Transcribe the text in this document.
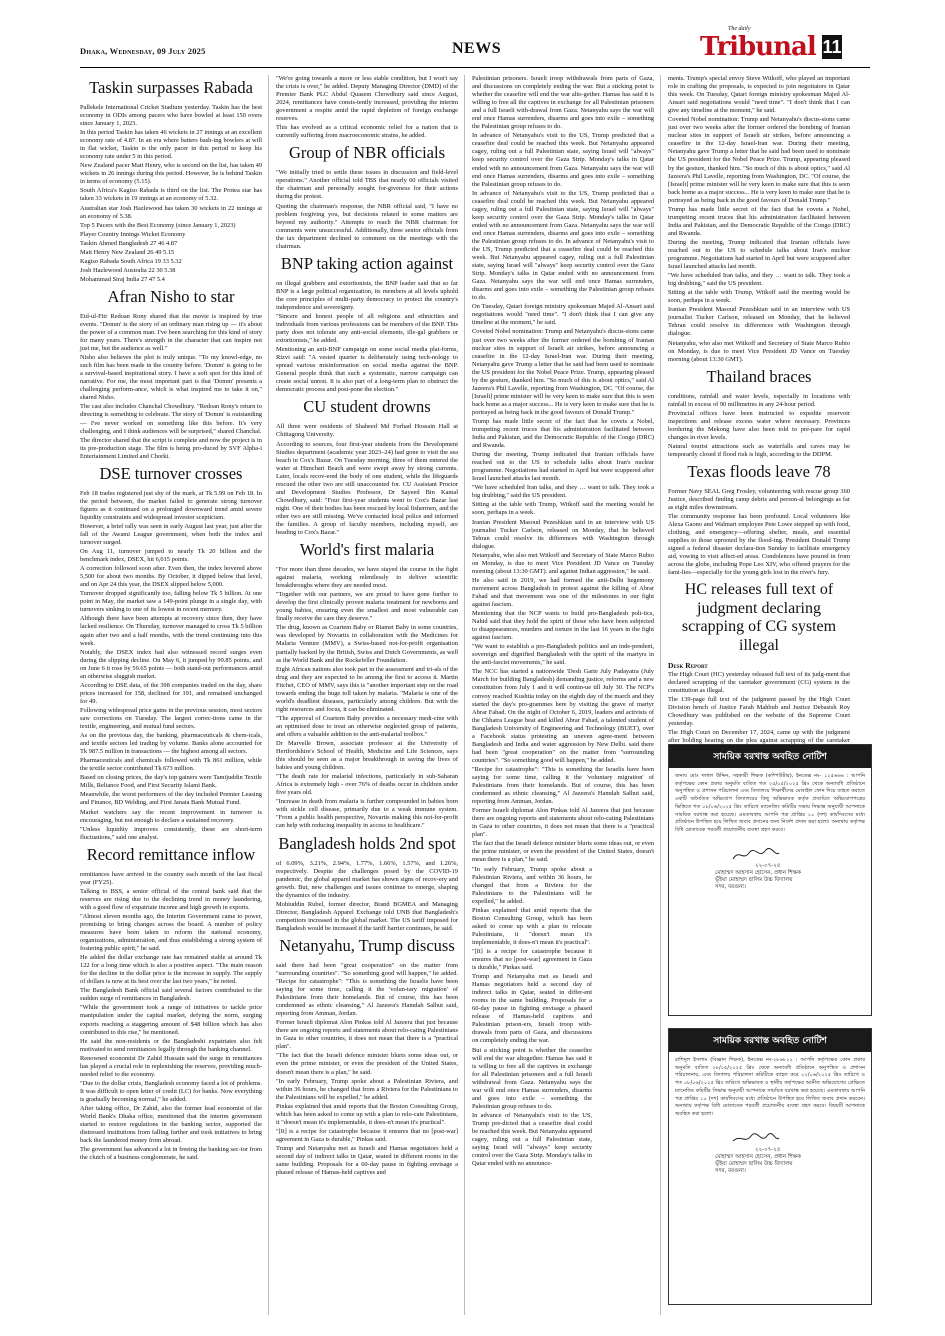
Dhaka, Wednesday, 09 July 2025	NEWS
The daily
Tribunal 11
Taskin surpasses Rabada

Pallekele International Cricket Stadium yesterday. Taskin has the best economy in ODIs among pacers who have bowled at least 150 overs since January 1, 2023.

In this period Taskin has taken 46 wickets in 27 innings at an excellent economy rate of 4.87. In an era where batters bash-ing bowlers at will in flat wicket, Taskin is the only pacer in this period to keep his economy rate under 5 in this period.

New Zealand pacer Matt Henry, who is second on the list, has taken 49 wickets in 26 innings during this period. However, he is behind Taskin in terms of economy (5.15).

South Africa's Kagiso Rabada is third on the list. The Protea star has taken 33 wickets in 19 innings at an economy of 5.32.

Australian star Josh Hazlewood has taken 30 wickets in 22 innings at an economy of 5.38.

Top 5 Pacers with the Best Economy (since January 1, 2023)

Player Country Innings Wicket Economy

Taskin Ahmed Bangladesh 27 46 4.87

Matt Henry New Zealand 26 49 5.15

Kagiso Rabada South Africa 19 33 5.32

Josh Hazlewood Australia 22 30 5.38

Mohammad Siraj India 27 47 5.4

Afran Nisho to star

Eid-ul-Fitr Redoan Rony shared that the movie is inspired by true events. "Domm' is the story of an ordinary man rising up — it's about the power of a common man. I've been searching for this kind of story for many years. There's strength in the character that can inspire not just me, but the audience as well."

Nisho also believes the plot is truly unique. "To my knowl-edge, no such film has been made in the country before. 'Domm' is going to be a survival-based inspirational story. I have a soft spot for this kind of narrative. For me, the most important part is that 'Domm' presents a challenging perform-ance, which is what inspired me to take it on," shared Nisho.

The cast also includes Chanchal Chowdhury. "Redoan Rony's return to directing is something to celebrate. The story of 'Domm' is outstanding — I've never worked on something like this before. It's very challenging, and I think audiences will be surprised," shared Chanchal.

The director shared that the script is complete and now the project is in its pre-production stage. The film is being pro-duced by SVF Alpha-i Entertainment Limited and Chorki.

DSE turnover crosses

Feb 18 trades registered just shy of the mark, at Tk 5.99 on Feb 18. In the period between, the market failed to generate strong turnover figures as it continued on a prolonged downward trend amid severe liquidity constraints and widespread investor scepticism.

However, a brief rally was seen in early August last year, just after the fall of the Awami League government, when both the index and turnover surged.

On Aug 11, turnover jumped to nearly Tk 20 billion and the benchmark index, DSEX, hit 6,015 points.

A correction followed soon after. Even then, the index hovered above 5,500 for about two months. By October, it dipped below that level, and on Apr 24 this year, the DSEX slipped below 5,000.

Turnover dropped significantly too, falling below Tk 5 billion. At one point in May, the market saw a 149-point plunge in a single day, with turnovers sinking to one of its lowest in recent memory.

Although there have been attempts at recovery since then, they have lacked resilience. On Thursday, turnover managed to cross Tk 5 billion again after two and a half months, with the trend continuing into this week.

Notably, the DSEX index had also witnessed record surges even during the slipping decline. On May 6, it jumped by 99.85 points, and on June 6 it rose by 59.65 points — both stand-out performances amid an otherwise sluggish market.

According to DSE data, of the 398 companies traded on the day, share prices increased for 158, declined for 191, and remained unchanged for 49.

Following widespread price gains in the previous session, most sectors saw corrections on Tuesday. The largest correc-tions came in the textile, engineering, and mutual fund sectors.

As on the previous day, the banking, pharmaceuticals & chem-icals, and textile sectors led trading by volume. Banks alone accounted for Tk 987.5 million in transactions — the highest among all sectors.

Pharmaceuticals and chemicals followed with Tk 861 million, while the textile sector contributed Tk 673 million.

Based on closing prices, the day's top gainers were Tamijuddin Textile Mills, Reliance Food, and First Security Islami Bank.

Meanwhile, the worst performers of the day included Premier Leasing and Finance, BD Welding, and First Janata Bank Mutual Fund.

Market watchers say the recent improvement in turnover is encouraging, but not enough to declare a sustained recovery.

"Unless liquidity improves consistently, these are short-term fluctuations," said one analyst.

Record remittance inflow

remittances have arrived in the country each month of the last fiscal year (FY25).

Talking to BSS, a senior official of the central bank said that the reserves are rising due to the declining trend in money laundering, with a good flow of expatriate income and high growth in exports.

"Almost eleven months ago, the Interim Government came to power, promising to bring changes across the board. A number of policy measures have been taken to reform the national economy, organizations, administration, and thus establishing a strong system of fostering public spirit," he said.

He added the dollar exchange rate has remained stable at around Tk 122 for a long time which is also a positive aspect. "The main reason for the decline in the dollar price is the increase in supply. The supply of dollars is now at its best over the last two years," he noted.

The Bangladesh Bank official said several factors contributed to the sudden surge of remittances in Bangladesh.

"While the government took a range of initiatives to tackle price manipulation under the capital market, defying the norm, surging exports reaching a staggering amount of $48 billion which has also contributed to this rise," he mentioned.

He said the non-residents or the Bangladeshi expatriates also felt motivated to send remittances legally through the banking channel.

Renowned economist Dr Zahid Hussain said the surge in remittances has played a crucial role in replenishing the reserves, providing much-needed relief to the economy.

"Due to the dollar crisis, Bangladesh economy faced a lot of problems. It was difficult to open letter of credit (LC) for banks. Now everything is gradually becoming normal," he added.

After taking office, Dr Zahid, also the former lead economist of the World Bank's Dhaka office, mentioned that the interim government started to restore regulations in the banking sector, supported the distressed institutions from falling further and took initiatives to bring back the laundered money from abroad.

The government has advanced a lot in freeing the banking sec-tor from the clutch of a business conglomerate, he said.

"We're going towards a more or less stable condition, but I won't say the crisis is over," he added. Deputy Managing Director (DMD) of the Premier Bank PLC Abdul Quasem Chowdhury said since August, 2024, remittances have consis-tently increased, providing the interim government a respite amid the rapid depletion of foreign exchange reserves.

This has evolved as a critical economic relief for a nation that is currently suffering from macroeconomic strains, he added.

Group of NBR officials

"We initially tried to settle these issues in discussion and field-level operations." Another official told TBS that nearly 60 officials visited the chairman and personally sought for-giveness for their actions during the protest.

Quoting the chairman's response, the NBR official said, "I have no problem forgiving you, but decisions related to some matters are beyond my authority." Attempts to reach the NBR chairman for comments were unsuccessful. Additionally, three senior officials from the tax department declined to comment on the meetings with the chairman.

BNP taking action against

on illegal grabbers and extortionists, the BNP leader said that so far BNP is a large political organization, its members at all levels uphold the core principles of multi-party democracy to protect the country's independence and sovereignty.

"Sincere and honest people of all religions and ethnicities and individuals from various professions can be members of the BNP. This party does not tolerate any anti-social elements, ille-gal grabbers or extortionists," he added.

Mentioning an anti-BNP campaign on some social media plat-forms, Rizvi said: "A vested quarter is deliberately using tech-nology to spread various misinformation on social media against the BNP. General people think that such a systematic, narrow campaign can create social unrest. It is also part of a long-term plan to obstruct the democratic process and post-pone the election."

CU student drowns

All three were residents of Shaheed Md Forhad Hossain Hall at Chittagong University.

According to sources, four first-year students from the Development Studies department (academic year 2023–24) had gone to visit the sea beach in Cox's Bazar. On Tuesday morning, three of them entered the water at Himchari Beach and were swept away by strong currents. Later, locals recov-ered the body of one student, while the lifeguards rescued the other two are still unaccounted for. CU Assistant Proctor and Development Studies Professor, Dr Sayeed Bin Kamal Chowdhury, said: "Four first-year students went to Cox's Bazar last night. One of their bodies has been rescued by local fishermen, and the other two are still missing. We've contacted local police and informed the families. A group of faculty members, including myself, are heading to Cox's Bazar."

World's first malaria

"For more than three decades, we have stayed the course in the fight against malaria, working relentlessly to deliver scientific breakthroughs where they are needed most.

"Together with our partners, we are proud to have gone further to develop the first clinically proven malaria treatment for newborns and young babies, ensuring even the smallest and most vulnerable can finally receive the care they deserve."

The drug, known as Coartem Baby or Riamet Baby in some countries, was developed by Novartis in collaboration with the Medicines for Malaria Venture (MMV), a Swiss-based not-for-profit organisation partially backed by the British, Swiss and Dutch Governments, as well as the World Bank and the Rockefeller Foundation.

Eight African nations also took part in the assessment and tri-als of the drug and they are expected to be among the first to access it. Martin Fitchet, CEO of MMV, says this is "another important step on the road towards ending the huge toll taken by malaria. "Malaria is one of the world's deadliest diseases, particularly among children. But with the right resources and focus, it can be eliminated.

"The approval of Coartem Baby provides a necessary medi-cine with an optimised dose to treat an otherwise neglected group of patients, and offers a valuable addition to the anti-malarial toolbox."

Dr Marvelle Brown, associate professor at the University of Hertfordshire's School of Health, Medicine and Life Sciences, says this should be seen as a major breakthrough in saving the lives of babies and young children.

"The death rate for malarial infections, particularly in sub-Saharan Africa is extremely high - over 76% of deaths occur in children under five years old.

"Increase in death from malaria is further compounded in babies born with sickle cell disease, primarily due to a weak immune system. "From a public health perspective, Novartis making this not-for-profit can help with reducing inequality in access to healthcare."

Bangladesh holds 2nd spot

of 6.09%, 3.21%, 2.94%, 1.77%, 1.66%, 1.57%, and 1.26%, respectively. Despite the challenges posed by the COVID-19 pandemic, the global apparel market has shown signs of recov-ery and growth. But, new challenges and issues continue to emerge, shaping the dynamics of the industry.

Mohiuddin Rubel, former director, Brand BGMEA and Managing Director, Bangladesh Apparel Exchange told UNB that Bangladesh's competitors increased in the global market. The US tariff imposed for Bangladesh would be increased if the tariff barrier continues, he said.

Netanyahu, Trump discuss

said there had been "great cooperation" on the matter from "surrounding countries". "So something good will happen," he added. "Recipe for catastrophe": "This is something the Israelis have been saying for some time, calling it the 'volun-tary migration' of Palestinians from their homelands. But of course, this has been condemned as ethnic cleansing," Al Jazeera's Hamdah Salhut said, reporting from Amman, Jordan.

Former Israeli diplomat Alon Pinkas told Al Jazeera that just because there are ongoing reports and statements about relo-cating Palestinians in Gaza to other countries, it does not mean that there is a "practical plan".

"The fact that the Israeli defence minister blurts some ideas out, or even the prime minister, or even the president of the United States, doesn't mean there is a plan," he said.

"In early February, Trump spoke about a Palestinian Riviera, and within 36 hours, he changed that from a Riviera for the Palestinians to the Palestinians will be expelled," he added.

Pinkas explained that amid reports that the Boston Consulting Group, which has been asked to come up with a plan to relo-cate Palestinians, it "doesn't mean it's implementable, it does-n't mean it's practical".

"[It] is a recipe for catastrophe because it ensures that no [post-war] agreement in Gaza is durable," Pinkas said.

Trump and Netanyahu met as Israeli and Hamas negotiators held a second day of indirect talks in Qatar, seated in different rooms in the same building. Proposals for a 60-day pause in fighting envisage a phased release of Hamas-held captives and

Palestinian prisoners. Israeli troop withdrawals from parts of Gaza, and discussions on completely ending the war. But a sticking point is whether the ceasefire will end the war alto-gether. Hamas has said it is willing to free all the captives in exchange for all Palestinian prisoners and a full Israeli with-drawal from Gaza. Netanyahu says the war will end once Hamas surrenders, disarms and goes into exile – something the Palestinian group refuses to do.

In advance of Netanyahu's visit to the US, Trump predicted that a ceasefire deal could be reached this week. But Netanyahu appeared cagey, ruling out a full Palestinian state, saying Israel will "always" keep security control over the Gaza Strip. Monday's talks in Qatar ended with no announcement from Gaza. Netanyahu says the war will end once Hamas surrenders, disarms and goes into exile – something the Palestinian group refuses to do.

In advance of Netanyahu's visit to the US, Trump predicted that a ceasefire deal could be reached this week. But Netanyahu appeared cagey, ruling out a full Palestinian state, saying Israel will "always" keep security control over the Gaza Strip. Monday's talks in Qatar ended with no announcement from Gaza. Netanyahu says the war will end once Hamas surrenders, disarms and goes into exile – something the Palestinian group refuses to do. In advance of Netanyahu's visit to the US, Trump predicted that a ceasefire deal could be reached this week. But Netanyahu appeared cagey, ruling out a full Palestinian state, saying Israel will "always" keep security control over the Gaza Strip. Monday's talks in Qatar ended with no announcement from Gaza. Netanyahu says the war will end once Hamas surrenders, disarms and goes into exile – something the Palestinian group refuses to do.

On Tuesday, Qatari foreign ministry spokesman Majed Al-Ansari said negotiations would "need time". "I don't think that I can give any timeline at the moment," he said.

Coveted Nobel nomination: Trump and Netanyahu's discus-sions came just over two weeks after the former ordered the bombing of Iranian nuclear sites in support of Israeli air strikes, before announcing a ceasefire in the 12-day Israel-Iran war. During their meeting, Netanyahu gave Trump a letter that he said had been used to nominate the US president for the Nobel Peace Prize. Trump, appearing pleased by the gesture, thanked him. "So much of this is about optics," said Al Jazeera's Phil Lavelle, reporting from Washington, DC. "Of course, the [Israeli] prime minister will be very keen to make sure that this is seen back home as a major success... He is very keen to make sure that he is portrayed as being back in the good favours of Donald Trump."

Trump has made little secret of the fact that he covets a Nobel, trumpeting recent truces that his administration facilitated between India and Pakistan, and the Democratic Republic of the Congo (DRC) and Rwanda.

During the meeting, Trump indicated that Iranian officials have reached out to the US to schedule talks about Iran's nuclear programme. Negotiations had started in April but were scuppered after Israel launched attacks last month.

"We have scheduled Iran talks, and they … want to talk. They took a big drubbing," said the US president.

Sitting at the table with Trump, Witkoff said the meeting would be soon, perhaps in a week.

Iranian President Masoud Pezeshkian said in an interview with US journalist Tucker Carlson, released on Monday, that he believed Tehran could resolve its differences with Washington through dialogue.

Netanyahu, who also met Witkoff and Secretary of State Marco Rubio on Monday, is due to meet Vice President JD Vance on Tuesday morning (about 13:30 GMT). and against Indian aggression," he said.

He also said in 2019, we had formed the anti-Delhi hegemony movement across Bangladesh in protest against the killing of Abrar Fahad and that movement was one of the milestones in our fight against fascism.

Mentioning that the NCP wants to build pro-Bangladesh poli-tics, Nahid said that they hold the spirit of those who have been subjected to disappearances, murders and torture in the last 16 years in the fight against fascism.

"We want to establish a pro-Bangladesh politics and an inde-pendent, sovereign and dignified Bangladesh with the spirit of the martyrs in the anti-fascist movements," he said.

The NCC has started a nationwide 'Desh Garte July Padayatra (July March for building Bangladesh) demanding justice, reforms and a new constitution from July 1 and it will contin-ue till July 30. The NCP's convoy reached Kushtia today on the eighth day of the march and they started the day's pro-grammes here by visiting the grave of martyr Abrar Fahad. On the night of October 6, 2019, leaders and activists of the Chhatra League beat and killed Abrar Fahad, a talented student of Bangladesh University of Engineering and Technology (BUET), over a Facebook status protesting an uneven agree-ment between Bangladesh and India and water aggression by New Delhi. said there had been "great cooperation" on the matter from "surrounding countries". "So something good will happen," he added.

"Recipe for catastrophe": "This is something the Israelis have been saying for some time, calling it the 'voluntary migration' of Palestinians from their homelands. But of course, this has been condemned as ethnic cleansing," Al Jazeera's Hamdah Salhut said, reporting from Amman, Jordan.

Former Israeli diplomat Alon Pinkas told Al Jazeera that just because there are ongoing reports and statements about relo-cating Palestinians in Gaza to other countries, it does not mean that there is a "practical plan".

The fact that the Israeli defence minister blurts some ideas out, or even the prime minister, or even the president of the United States, doesn't mean there is a plan," he said.

"In early February, Trump spoke about a Palestinian Riviera, and within 36 hours, he changed that from a Riviera for the Palestinians to the Palestinians will be expelled," he added.

Pinkas explained that amid reports that the Boston Consulting Group, which has been asked to come up with a plan to relocate Palestinians, it "doesn't mean it's implementable, it does-n't mean it's practical".

"[It] is a recipe for catastrophe because it ensures that no [post-war] agreement in Gaza is durable," Pinkas said.

Trump and Netanyahu met as Israeli and Hamas negotiators held a second day of indirect talks in Qatar, seated in differ-ent rooms in the same building. Proposals for a 60-day pause in fighting envisage a phased release of Hamas-held captives and Palestinian prison-ers, Israeli troop with-drawals from parts of Gaza, and discussions on completely ending the war.

But a sticking point is whether the ceasefire will end the war altogether. Hamas has said it is willing to free all the captives in exchange for all Palestinian prisoners and a full Israeli withdrawal from Gaza. Netanyahu says the war will end once Hamas surrenders, disarms and goes into exile – something the Palestinian group refuses to do.

In advance of Netanyahu's visit to the US, Trump pre-dicted that a ceasefire deal could be reached this week. But Netanyahu appeared cagey, ruling out a full Palestinian state, saying Israel will "always" keep security control over the Gaza Strip. Monday's talks in Qatar ended with no announce-

ments. Trump's special envoy Steve Witkoff, who played an important role in crafting the proposals, is expected to join negotiators in Qatar this week. On Tuesday, Qatari foreign ministry spokesman Majed Al-Ansari said negotiations would "need time". "I don't think that I can give any timeline at the moment," he said.

Coveted Nobel nomination: Trump and Netanyahu's discus-sions came just over two weeks after the former ordered the bombing of Iranian nuclear sites in support of Israeli air strikes, before announcing a ceasefire in the 12-day Israel-Iran war. During their meeting, Netanyahu gave Trump a letter that he said had been used to nominate the US president for the Nobel Peace Prize. Trump, appearing pleased by the gesture, thanked him. "So much of this is about optics," said Al Jazeera's Phil Lavelle, reporting from Washington, DC. "Of course, the [Israeli] prime minister will be very keen to make sure that this is seen back home as a major success... He is very keen to make sure that he is portrayed as being back in the good favours of Donald Trump."

Trump has made little secret of the fact that he covets a Nobel, trumpeting recent truces that his administration facilitated between India and Pakistan, and the Democratic Republic of the Congo (DRC) and Rwanda.

During the meeting, Trump indicated that Iranian officials have reached out to the US to schedule talks about Iran's nuclear programme. Negotiations had started in April but were scuppered after Israel launched attacks last month.

"We have scheduled Iran talks, and they … want to talk. They took a big drubbing," said the US president.

Sitting at the table with Trump, Witkoff said the meeting would be soon, perhaps in a week.

Iranian President Masoud Pezeshkian said in an interview with US journalist Tucker Carlson, released on Monday, that he believed Tehran could resolve its differences with Washington through dialogue.

Netanyahu, who also met Witkoff and Secretary of State Marco Rubio on Monday, is due to meet Vice President JD Vance on Tuesday morning (about 13:30 GMT).

Thailand braces

conditions, rainfall and water levels, especially in locations with rainfall in excess of 90 millimetres in any 24-hour period.

Provincial offices have been instructed to expedite reservoir inspections and release excess water where necessary. Provinces bordering the Mekong have also been told to pre-pare for rapid changes in river levels.

Natural tourist attractions such as waterfalls and caves may be temporarily closed if flood risk is high, according to the DDPM.

Texas floods leave 78

Former Navy SEAL Greg Frosley, volunteering with rescue group 360 Justice, described finding camp debris and person-al belongings as far as eight miles downstream.

The community response has been profound. Local volunteers like Alexa Gaono and Walmart employee Pete Lowe stepped up with food, clothing, and emergency—offering shelter, meals, and essential supplies to those uprooted by the flood-ing. President Donald Trump signed a federal disaster declara-tion Sunday to facilitate emergency aid, vowing to visit affect-ed areas. Condolences have poured in from across the globe, including Pope Leo XIV, who offered prayers for the fami-lies—especially for the young girls lost in the river's fury.

HC releases full text of judgment declaring scrapping of CG system illegal
Desk Report

The High Court (HC) yesterday released full text of its judg-ment that declared scrapping of the caretaker government (CG) system in the constitution as illegal.

The 139-page full text of the judgment passed by the High Court Division bench of Justice Farah Mahbub and Justice Debasish Roy Chowdhury was published on the website of the Supreme Court yesterday.

The High Court on December 17, 2024, came up with the judgment after holding hearing on the plea against scrapping of the caretaker

সাময়িক বরখাস্ত অবহিত নোটিশ
জনাব মোঃ দলাল উদ্দিন, সহকারী শিক্ষক (কম্পিউটার), ইনডেক্স নং- ১২৫৬৬৬ : আপনি কর্তৃপক্ষের কোন প্রকার অনুমতি ব্যতিত গত ২৫/০৫/২০২৫ খ্রিঃ থেকে অন্যাবধি প্রতিষ্ঠানে অনুপস্থিত ও প্রশাসন পরিচালনা এবং বিদ্যালয়ে শিক্ষার্থীদের মোবাইল ফোন দিয়ে ব্যাহত করাতে একটি অনৈতিক অভিযোগ বিদ্যালয়ের কিছু অভিভাবক কর্তৃক প্রত্যয়িত অভিযোগপত্রের ভিত্তিতে গত ০৮/০৬/২০২৫ খ্রিঃ তারিখে ম্যানেজিং কমিটির সভায় সিদ্ধান্ত অনুযায়ী আপনাকে সাময়িক বরখাস্ত করা হয়েছে। এমতাবস্থায় আপনি পত্র প্রাপ্তির ১০ (দশ) কার্যদিবসের মধ্যে প্রতিষ্ঠানে উপস্থিত হয়ে লিখিত জবাব প্রদানের জন্য নির্দেশ প্রদান করা হলো। অন্যথায় কর্তৃপক্ষ বিধি মোতাবেক পরবর্তী প্রয়োজনীয় ব্যবস্থা গ্রহণ করবে।
২২-০৭-২৫
মোহাম্মদ আহসান হোসেন, প্রধান শিক্ষক
ভূঁইয়া মোহাম্মদ ছালিম উচ্চ বিদ্যালয়
সদর, বরগুনা।
সাময়িক বরখাস্ত অবহিত নোটিশ
রাশিদুল ইসলাম (বিজ্ঞান শিক্ষক), ইনডেক্স নং-২৮৬৮১২ : আপনি কর্তৃপক্ষের কোন প্রকার অনুমতি ব্যতিত ২৮/০৫/২০২৫ খ্রিঃ থেকে অন্যাবধি প্রতিষ্ঠানে অনুপস্থিত ও প্রশাসন পরিচালনায়, এবং বিদ্যালয় পরিচালনা কমিটিকে ব্যাহত করে ০২/০৬/২০২৫ খ্রিঃ তারিখে ও গত ০৮/০৬/২০২৫ খ্রিঃ তারিখে অভিভাবক ও স্থানীয় কর্তৃপক্ষের আনীত অভিযোগের প্রেক্ষিতে ম্যানেজিং কমিটির সিদ্ধান্ত অনুযায়ী আপনাকে সাময়িক বরখাস্ত করা হয়েছে। এমতাবস্থায় আপনি পত্র প্রাপ্তির ১০ (দশ) কার্যদিবসের মধ্যে প্রতিষ্ঠানে উপস্থিত হয়ে লিখিত জবাব প্রদান করবেন। অন্যথায় কর্তৃপক্ষ বিধি মোতাবেক পরবর্তী প্রয়োজনীয় ব্যবস্থা গ্রহণ করবে। বিষয়টি আপনাকে অবহিত করা হলো।
২২-০৭-২৫
মোহাম্মদ আহসান হোসেন, প্রধান শিক্ষক
ভূঁইয়া মোহাম্মদ ছালিম উচ্চ বিদ্যালয়
সদর, বরগুনা।
